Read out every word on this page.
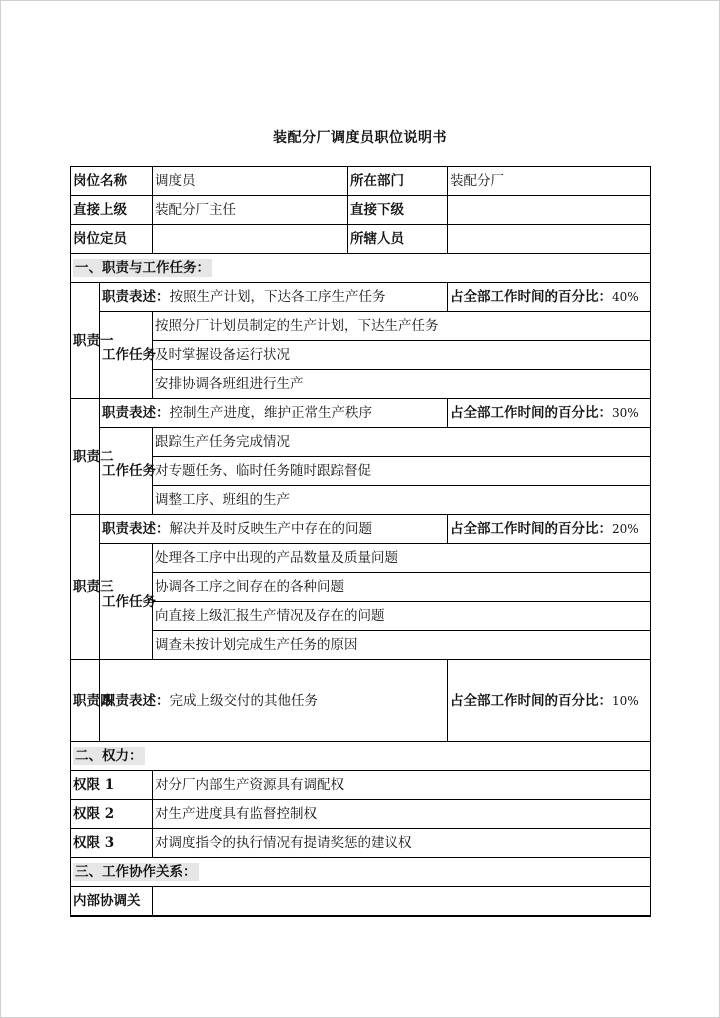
装配分厂调度员职位说明书
岗位名称		调度员	所在部门	装配分厂
直接上级		装配分厂主任	直接下级	
岗位定员			所辖人员	
一、职责与工作任务：				
职责一	职责表述：按照生产计划，下达各工序生产任务			占全部工作时间的百分比：40%
	工作任务	按照分厂计划员制定的生产计划，下达生产任务		
		及时掌握设备运行状况		
		安排协调各班组进行生产		
职责二	职责表述：控制生产进度，维护正常生产秩序			占全部工作时间的百分比：30%
	工作任务	跟踪生产任务完成情况		
		对专题任务、临时任务随时跟踪督促		
		调整工序、班组的生产		
职责三	职责表述：解决并及时反映生产中存在的问题			占全部工作时间的百分比：20%
	工作任务	处理各工序中出现的产品数量及质量问题		
		协调各工序之间存在的各种问题		
		向直接上级汇报生产情况及存在的问题		
		调查未按计划完成生产任务的原因		
职责四	职责表述：完成上级交付的其他任务			占全部工作时间的百分比：10%
二、权力：				
权限 1		对分厂内部生产资源具有调配权		
权限 2		对生产进度具有监督控制权		
权限 3		对调度指令的执行情况有提请奖惩的建议权		
三、工作协作关系：				
内部协调关				
